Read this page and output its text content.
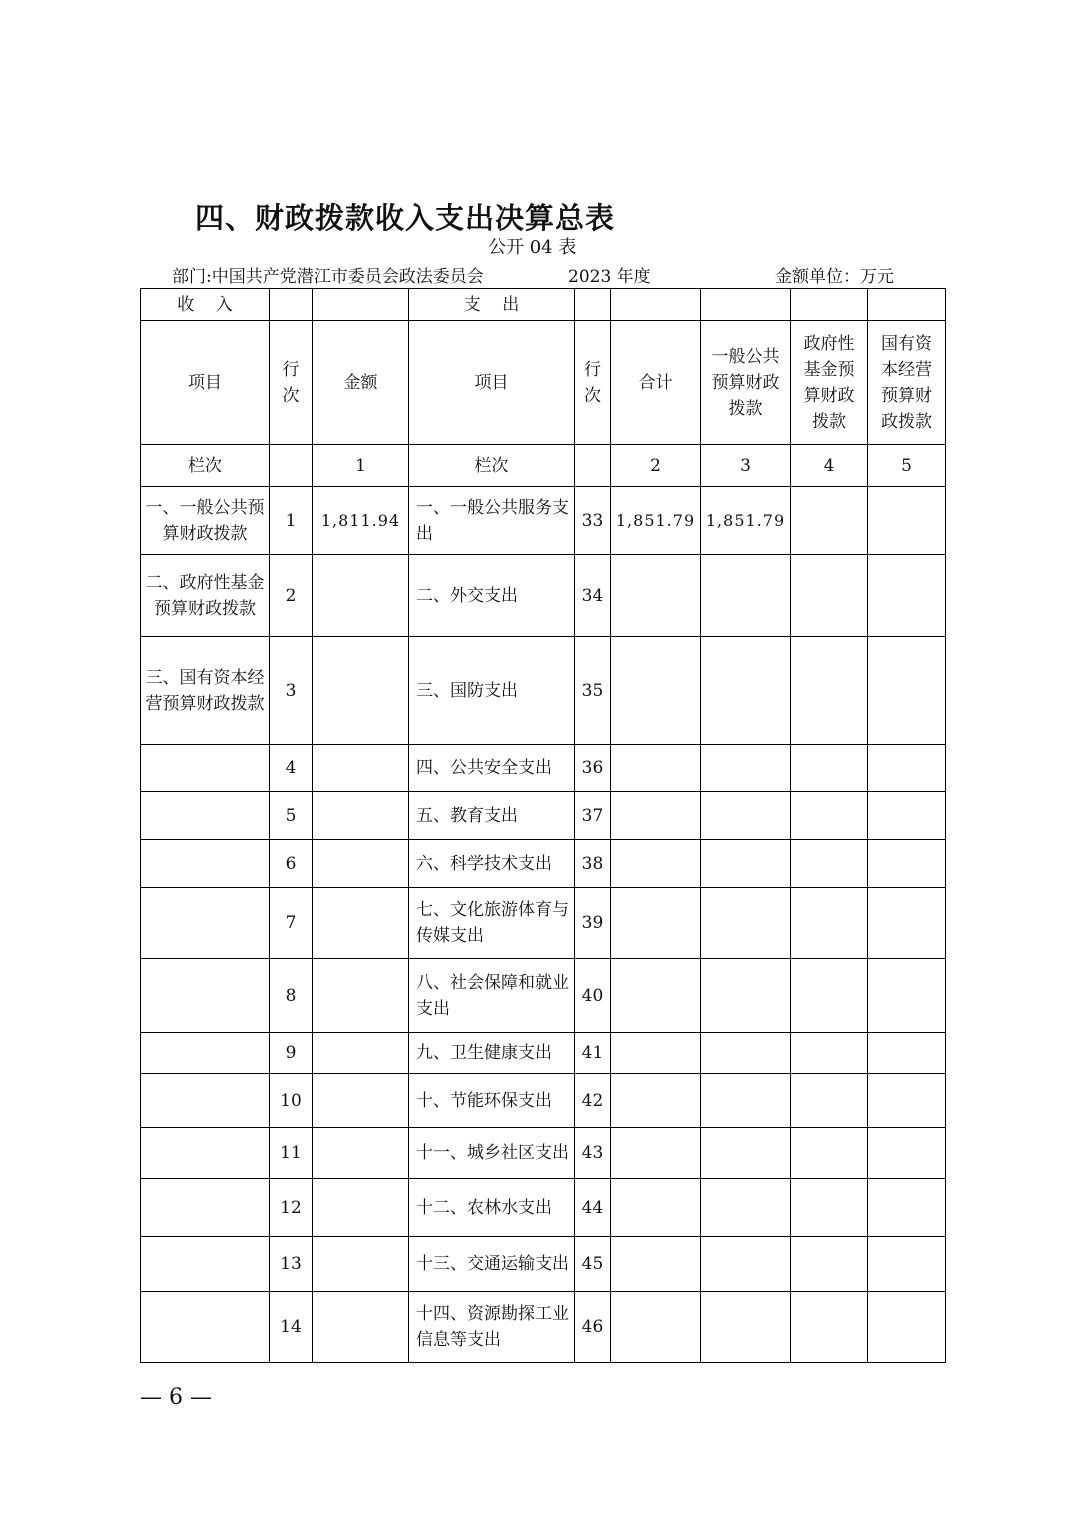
四、财政拨款收入支出决算总表
公开 04 表
部门:中国共产党潜江市委员会政法委员会	2023 年度	金额单位：万元
收    入			支    出					
项目	行次	金额	项目	行次	合计	一般公共预算财政拨款	政府性基金预算财政拨款	国有资本经营预算财政拨款
栏次		1	栏次		2	3	4	5
一、一般公共预算财政拨款	1	1,811.94	一、一般公共服务支出	33	1,851.79	1,851.79		
二、政府性基金预算财政拨款	2		二、外交支出	34				
三、国有资本经营预算财政拨款	3		三、国防支出	35				
	4		四、公共安全支出	36				
	5		五、教育支出	37				
	6		六、科学技术支出	38				
	7		七、文化旅游体育与传媒支出	39				
	8		八、社会保障和就业支出	40				
	9		九、卫生健康支出	41				
	10		十、节能环保支出	42				
	11		十一、城乡社区支出	43				
	12		十二、农林水支出	44				
	13		十三、交通运输支出	45				
	14		十四、资源勘探工业信息等支出	46				
— 6 —
